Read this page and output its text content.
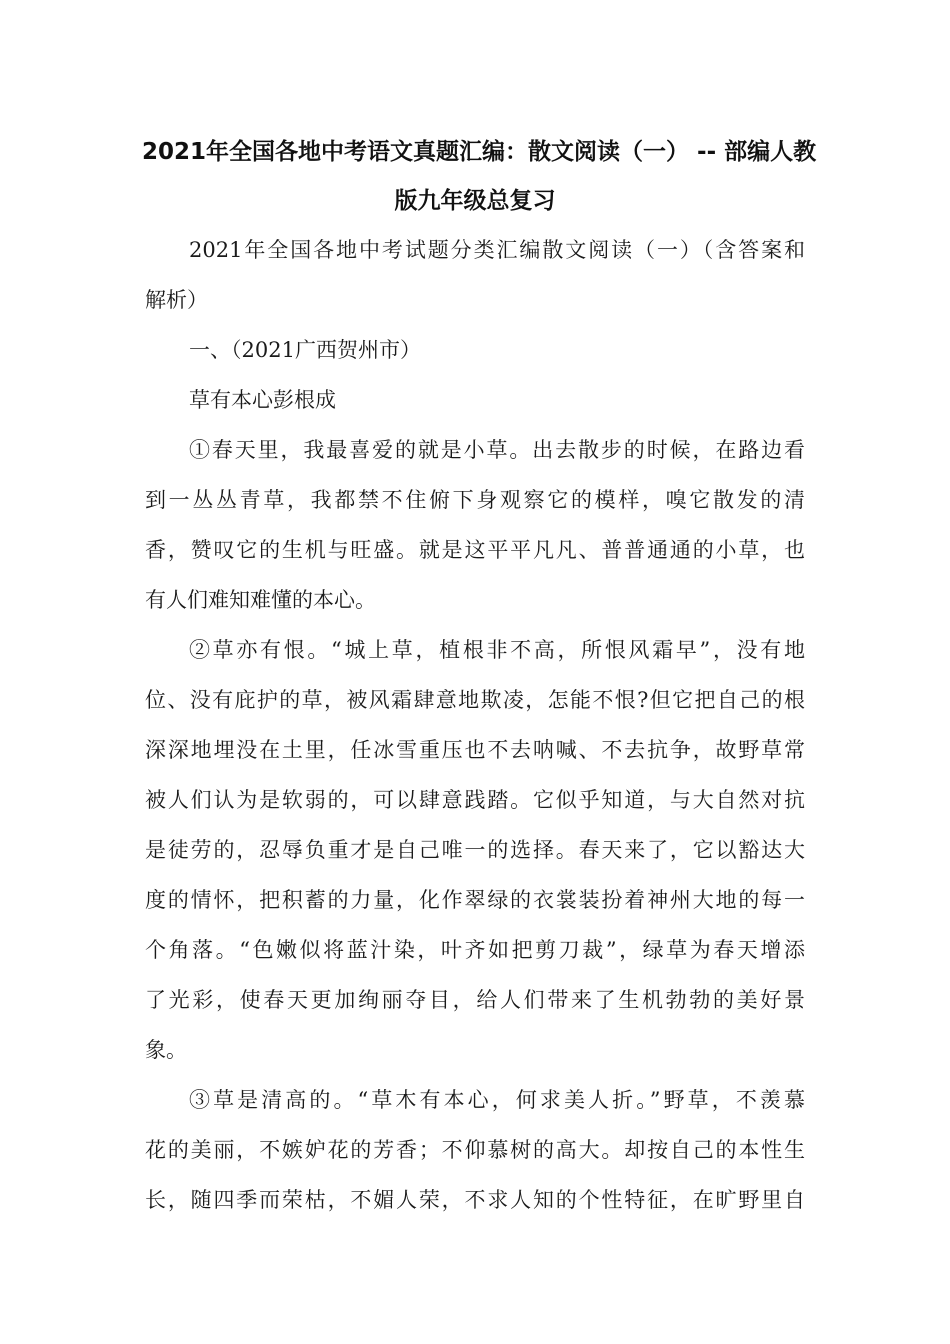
2021年全国各地中考语文真题汇编：散文阅读（一） -- 部编人教
版九年级总复习
2021年全国各地中考试题分类汇编散文阅读（一）（含答案和
解析）
一、（2021广西贺州市）
草有本心彭根成
①春天里，我最喜爱的就是小草。出去散步的时候，在路边看
到一丛丛青草，我都禁不住俯下身观察它的模样，嗅它散发的清
香，赞叹它的生机与旺盛。就是这平平凡凡、普普通通的小草，也
有人们难知难懂的本心。
②草亦有恨。“城上草，植根非不高，所恨风霜早”，没有地
位、没有庇护的草，被风霜肆意地欺凌，怎能不恨?但它把自己的根
深深地埋没在土里，任冰雪重压也不去呐喊、不去抗争，故野草常
被人们认为是软弱的，可以肆意践踏。它似乎知道，与大自然对抗
是徒劳的，忍辱负重才是自己唯一的选择。春天来了，它以豁达大
度的情怀，把积蓄的力量，化作翠绿的衣裳装扮着神州大地的每一
个角落。“色嫩似将蓝汁染，叶齐如把剪刀裁”，绿草为春天增添
了光彩，使春天更加绚丽夺目，给人们带来了生机勃勃的美好景
象。
③草是清高的。“草木有本心，何求美人折。”野草，不羡慕
花的美丽，不嫉妒花的芳香；不仰慕树的高大。却按自己的本性生
长，随四季而荣枯，不媚人荣，不求人知的个性特征，在旷野里自
